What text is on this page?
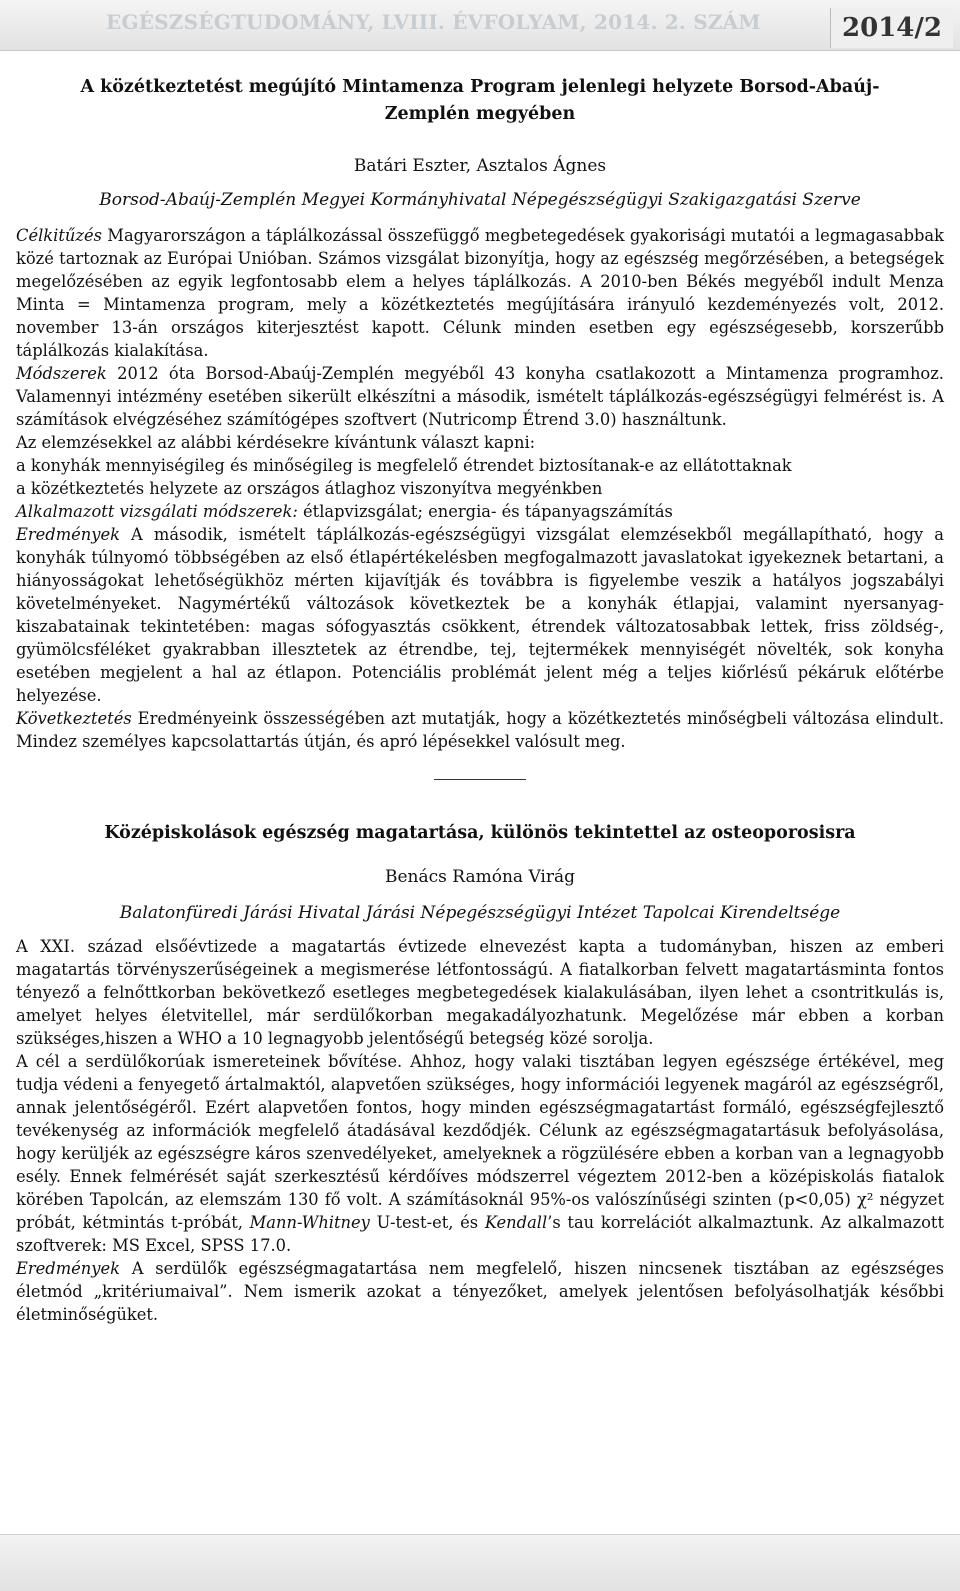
EGÉSZSÉGTUDOMÁNY, LVIII. ÉVFOLYAM, 2014. 2. SZÁM	2014/2
A közétkeztetést megújító Mintamenza Program jelenlegi helyzete Borsod-Abaúj-Zemplén megyében
Batári Eszter, Asztalos Ágnes
Borsod-Abaúj-Zemplén Megyei Kormányhivatal Népegészségügyi Szakigazgatási Szerve

Célkitűzés Magyarországon a táplálkozással összefüggő megbetegedések gyakorisági mutatói a legmagasabbak közé tartoznak az Európai Unióban. Számos vizsgálat bizonyítja, hogy az egészség megőrzésében, a betegségek megelőzésében az egyik legfontosabb elem a helyes táplálkozás. A 2010-ben Békés megyéből indult Menza Minta = Mintamenza program, mely a közétkeztetés megújítására irányuló kezdeményezés volt, 2012. november 13-án országos kiterjesztést kapott. Célunk minden esetben egy egészségesebb, korszerűbb táplálkozás kialakítása.

Módszerek 2012 óta Borsod-Abaúj-Zemplén megyéből 43 konyha csatlakozott a Mintamenza programhoz. Valamennyi intézmény esetében sikerült elkészítni a második, ismételt táplálkozás-egészségügyi felmérést is. A számítások elvégzéséhez számítógépes szoftvert (Nutricomp Étrend 3.0) használtunk.

Az elemzésekkel az alábbi kérdésekre kívántunk választ kapni:

a konyhák mennyiségileg és minőségileg is megfelelő étrendet biztosítanak-e az ellátottaknak

a közétkeztetés helyzete az országos átlaghoz viszonyítva megyénkben

Alkalmazott vizsgálati módszerek: étlapvizsgálat; energia- és tápanyagszámítás

Eredmények A második, ismételt táplálkozás-egészségügyi vizsgálat elemzésekből megállapítható, hogy a konyhák túlnyomó többségében az első étlapértékelésben megfogalmazott javaslatokat igyekeznek betartani, a hiányosságokat lehetőségükhöz mérten kijavítják és továbbra is figyelembe veszik a hatályos jogszabályi követelményeket. Nagymértékű változások következtek be a konyhák étlapjai, valamint nyersanyag-kiszabatainak tekintetében: magas sófogyasztás csökkent, étrendek változatosabbak lettek, friss zöldség-, gyümölcsféléket gyakrabban illesztetek az étrendbe, tej, tejtermékek mennyiségét növelték, sok konyha esetében megjelent a hal az étlapon. Potenciális problémát jelent még a teljes kiőrlésű pékáruk előtérbe helyezése.

Következtetés Eredményeink összességében azt mutatják, hogy a közétkeztetés minőségbeli változása elindult. Mindez személyes kapcsolattartás útján, és apró lépésekkel valósult meg.

Középiskolások egészség magatartása, különös tekintettel az osteoporosisra
Benács Ramóna Virág
Balatonfüredi Járási Hivatal Járási Népegészségügyi Intézet Tapolcai Kirendeltsége

A XXI. század elsőévtizede a magatartás évtizede elnevezést kapta a tudományban, hiszen az emberi magatartás törvényszerűségeinek a megismerése létfontosságú. A fiatalkorban felvett magatartásminta fontos tényező a felnőttkorban bekövetkező esetleges megbetegedések kialakulásában, ilyen lehet a csontritkulás is, amelyet helyes életvitellel, már serdülőkorban megakadályozhatunk. Megelőzése már ebben a korban szükséges,hiszen a WHO a 10 legnagyobb jelentőségű betegség közé sorolja.

A cél a serdülőkorúak ismereteinek bővítése. Ahhoz, hogy valaki tisztában legyen egészsége értékével, meg tudja védeni a fenyegető ártalmaktól, alapvetően szükséges, hogy információi legyenek magáról az egészségről, annak jelentőségéről. Ezért alapvetően fontos, hogy minden egészségmagatartást formáló, egészségfejlesztő tevékenység az információk megfelelő átadásával kezdődjék. Célunk az egészségmagatartásuk befolyásolása, hogy kerüljék az egészségre káros szenvedélyeket, amelyeknek a rögzülésére ebben a korban van a legnagyobb esély. Ennek felmérését saját szerkesztésű kérdőíves módszerrel végeztem 2012-ben a középiskolás fiatalok körében Tapolcán, az elemszám 130 fő volt. A számításoknál 95%-os valószínűségi szinten (p<0,05) χ² négyzet próbát, kétmintás t-próbát, Mann-Whitney U-test-et, és Kendall’s tau korrelációt alkalmaztunk. Az alkalmazott szoftverek: MS Excel, SPSS 17.0.

Eredmények A serdülők egészségmagatartása nem megfelelő, hiszen nincsenek tisztában az egészséges életmód „kritériumaival”. Nem ismerik azokat a tényezőket, amelyek jelentősen befolyásolhatják későbbi életminőségüket.
